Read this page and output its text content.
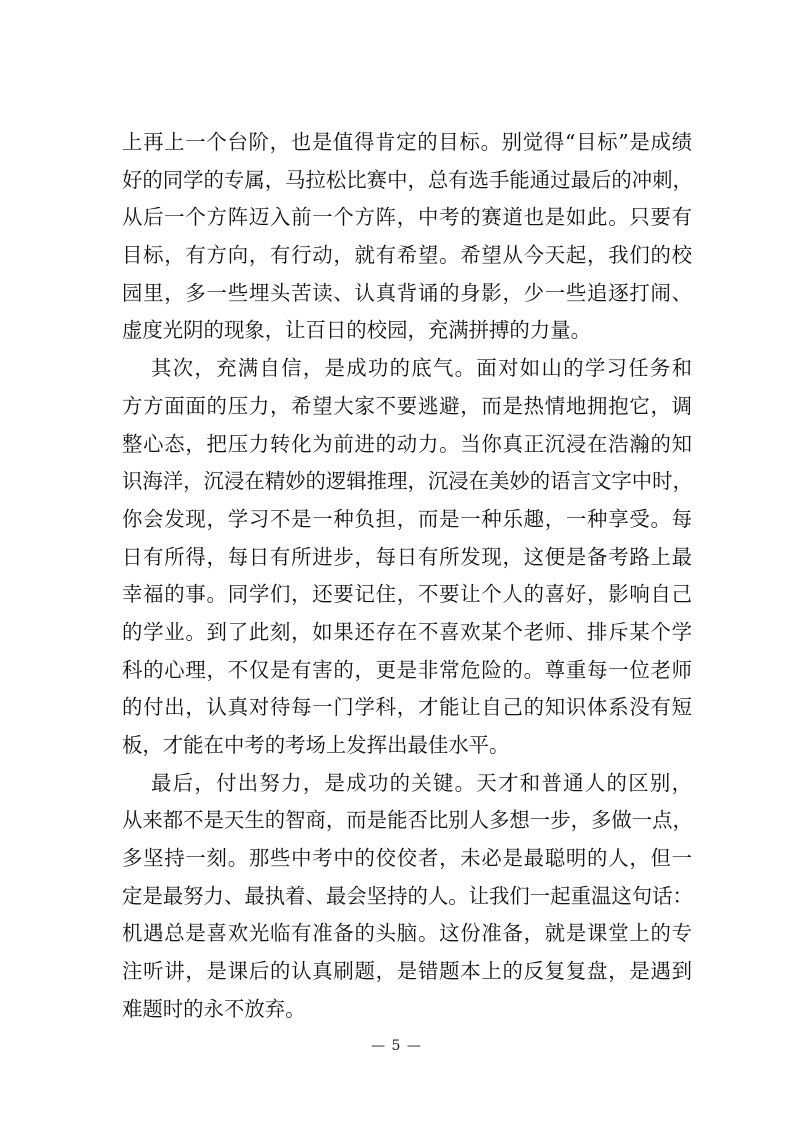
上再上一个台阶，也是值得肯定的目标。别觉得“目标”是成绩
好的同学的专属，马拉松比赛中，总有选手能通过最后的冲刺，
从后一个方阵迈入前一个方阵，中考的赛道也是如此。只要有
目标，有方向，有行动，就有希望。希望从今天起，我们的校
园里，多一些埋头苦读、认真背诵的身影，少一些追逐打闹、
虚度光阴的现象，让百日的校园，充满拼搏的力量。
其次，充满自信，是成功的底气。面对如山的学习任务和
方方面面的压力，希望大家不要逃避，而是热情地拥抱它，调
整心态，把压力转化为前进的动力。当你真正沉浸在浩瀚的知
识海洋，沉浸在精妙的逻辑推理，沉浸在美妙的语言文字中时，
你会发现，学习不是一种负担，而是一种乐趣，一种享受。每
日有所得，每日有所进步，每日有所发现，这便是备考路上最
幸福的事。同学们，还要记住，不要让个人的喜好，影响自己
的学业。到了此刻，如果还存在不喜欢某个老师、排斥某个学
科的心理，不仅是有害的，更是非常危险的。尊重每一位老师
的付出，认真对待每一门学科，才能让自己的知识体系没有短
板，才能在中考的考场上发挥出最佳水平。
最后，付出努力，是成功的关键。天才和普通人的区别，
从来都不是天生的智商，而是能否比别人多想一步，多做一点，
多坚持一刻。那些中考中的佼佼者，未必是最聪明的人，但一
定是最努力、最执着、最会坚持的人。让我们一起重温这句话：
机遇总是喜欢光临有准备的头脑。这份准备，就是课堂上的专
注听讲，是课后的认真刷题，是错题本上的反复复盘，是遇到
难题时的永不放弃。
— 5 —
